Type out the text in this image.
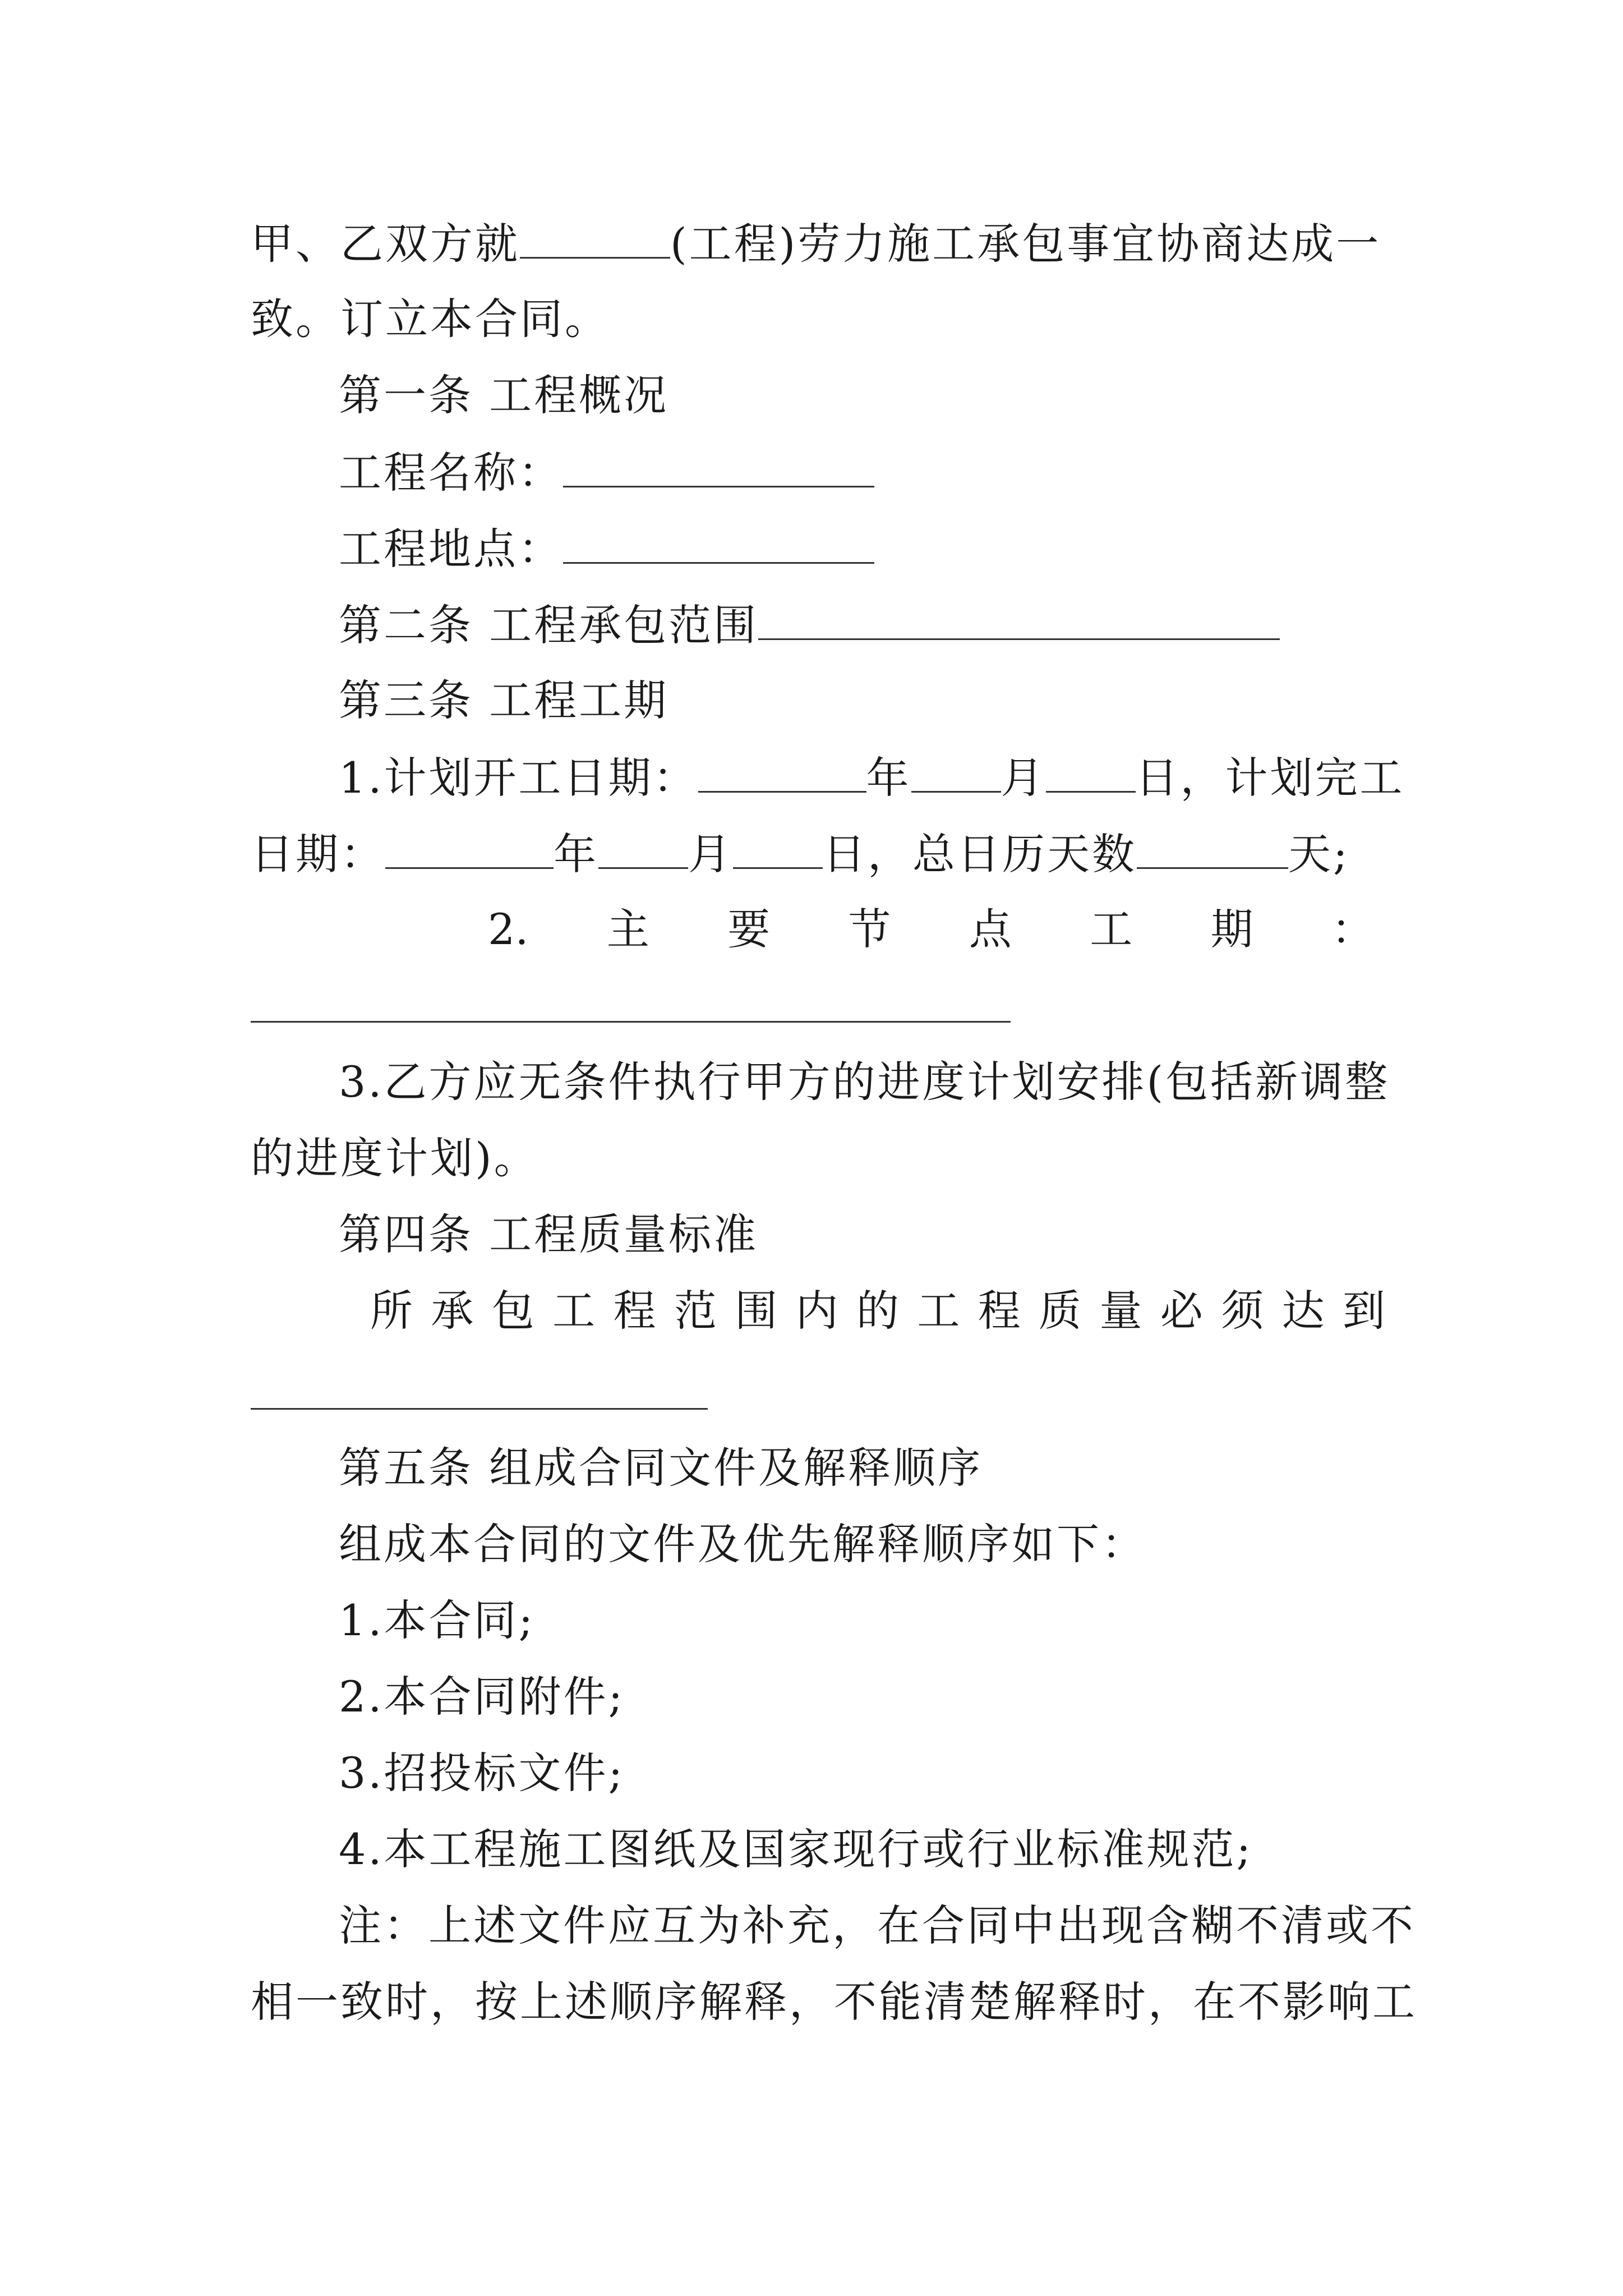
甲、乙双方就	(工程)劳力施工承包事宜协商达成一
致。订立本合同。
第一条 工程概况
工程名称：
工程地点：
第二条 工程承包范围
第三条 工程工期
1.计划开工日期：	年 月 日，计划完工
日期：	年 月 日，总日历天数	天;
2. 主 要 节 点 工 期 ：
3.乙方应无条件执行甲方的进度计划安排(包括新调整
的进度计划)。
第四条 工程质量标准
所 承 包 工 程 范 围 内 的 工 程 质 量 必 须 达 到
第五条 组成合同文件及解释顺序
组成本合同的文件及优先解释顺序如下：
1.本合同;
2.本合同附件;
3.招投标文件;
4.本工程施工图纸及国家现行或行业标准规范;
注：上述文件应互为补充，在合同中出现含糊不清或不
相一致时，按上述顺序解释，不能清楚解释时，在不影响工
